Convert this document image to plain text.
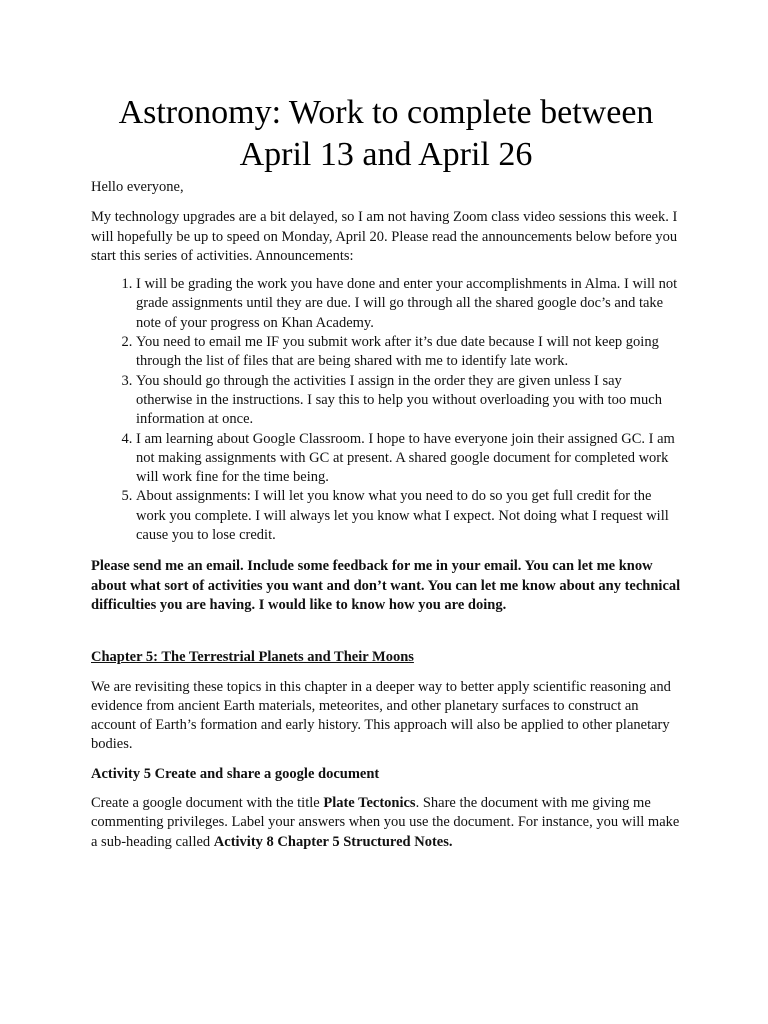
Astronomy: Work to complete between
April 13 and April 26

Hello everyone,

My technology upgrades are a bit delayed, so I am not having Zoom class video sessions this week. I will hopefully be up to speed on Monday, April 20. Please read the announcements below before you start this series of activities. Announcements:

1. I will be grading the work you have done and enter your accomplishments in Alma. I will not grade assignments until they are due. I will go through all the shared google doc’s and take note of your progress on Khan Academy.
2. You need to email me IF you submit work after it’s due date because I will not keep going through the list of files that are being shared with me to identify late work.
3. You should go through the activities I assign in the order they are given unless I say otherwise in the instructions. I say this to help you without overloading you with too much information at once.
4. I am learning about Google Classroom. I hope to have everyone join their assigned GC. I am not making assignments with GC at present. A shared google document for completed work will work fine for the time being.
5. About assignments: I will let you know what you need to do so you get full credit for the work you complete. I will always let you know what I expect. Not doing what I request will cause you to lose credit.

Please send me an email. Include some feedback for me in your email. You can let me know about what sort of activities you want and don’t want. You can let me know about any technical difficulties you are having. I would like to know how you are doing.

Chapter 5: The Terrestrial Planets and Their Moons

We are revisiting these topics in this chapter in a deeper way to better apply scientific reasoning and evidence from ancient Earth materials, meteorites, and other planetary surfaces to construct an account of Earth’s formation and early history. This approach will also be applied to other planetary bodies.

Activity 5 Create and share a google document

Create a google document with the title Plate Tectonics. Share the document with me giving me commenting privileges. Label your answers when you use the document. For instance, you will make a sub-heading called Activity 8 Chapter 5 Structured Notes.
